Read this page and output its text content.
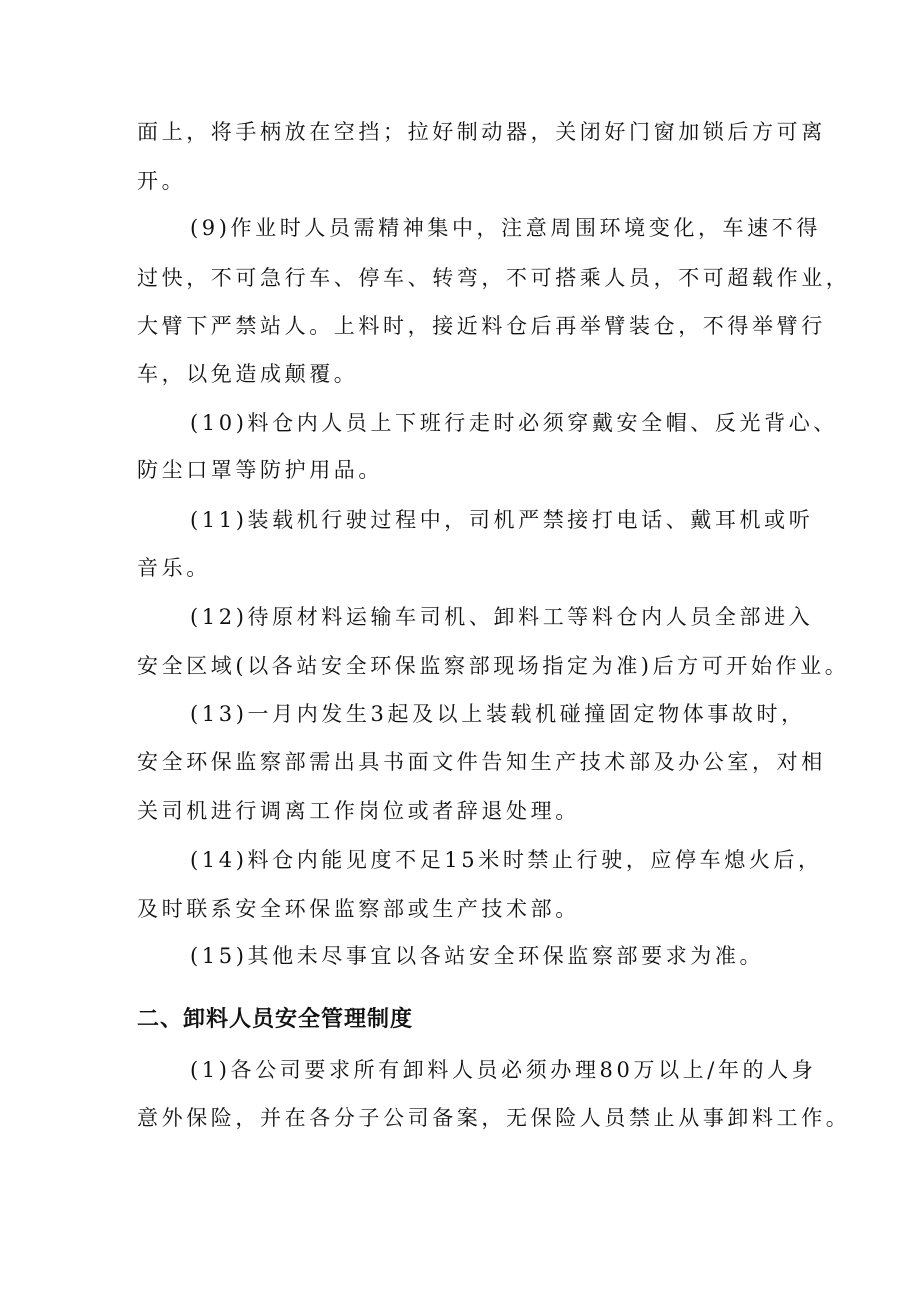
面上，将手柄放在空挡；拉好制动器，关闭好门窗加锁后方可离
开。
(9)作业时人员需精神集中，注意周围环境变化，车速不得
过快，不可急行车、停车、转弯，不可搭乘人员，不可超载作业，
大臂下严禁站人。上料时，接近料仓后再举臂装仓，不得举臂行
车，以免造成颠覆。
(10)料仓内人员上下班行走时必须穿戴安全帽、反光背心、
防尘口罩等防护用品。
(11)装载机行驶过程中，司机严禁接打电话、戴耳机或听
音乐。
(12)待原材料运输车司机、卸料工等料仓内人员全部进入
安全区域(以各站安全环保监察部现场指定为准)后方可开始作业。
(13)一月内发生3起及以上装载机碰撞固定物体事故时，
安全环保监察部需出具书面文件告知生产技术部及办公室，对相
关司机进行调离工作岗位或者辞退处理。
(14)料仓内能见度不足15米时禁止行驶，应停车熄火后，
及时联系安全环保监察部或生产技术部。
(15)其他未尽事宜以各站安全环保监察部要求为准。
二、卸料人员安全管理制度
(1)各公司要求所有卸料人员必须办理80万以上/年的人身
意外保险，并在各分子公司备案，无保险人员禁止从事卸料工作。
